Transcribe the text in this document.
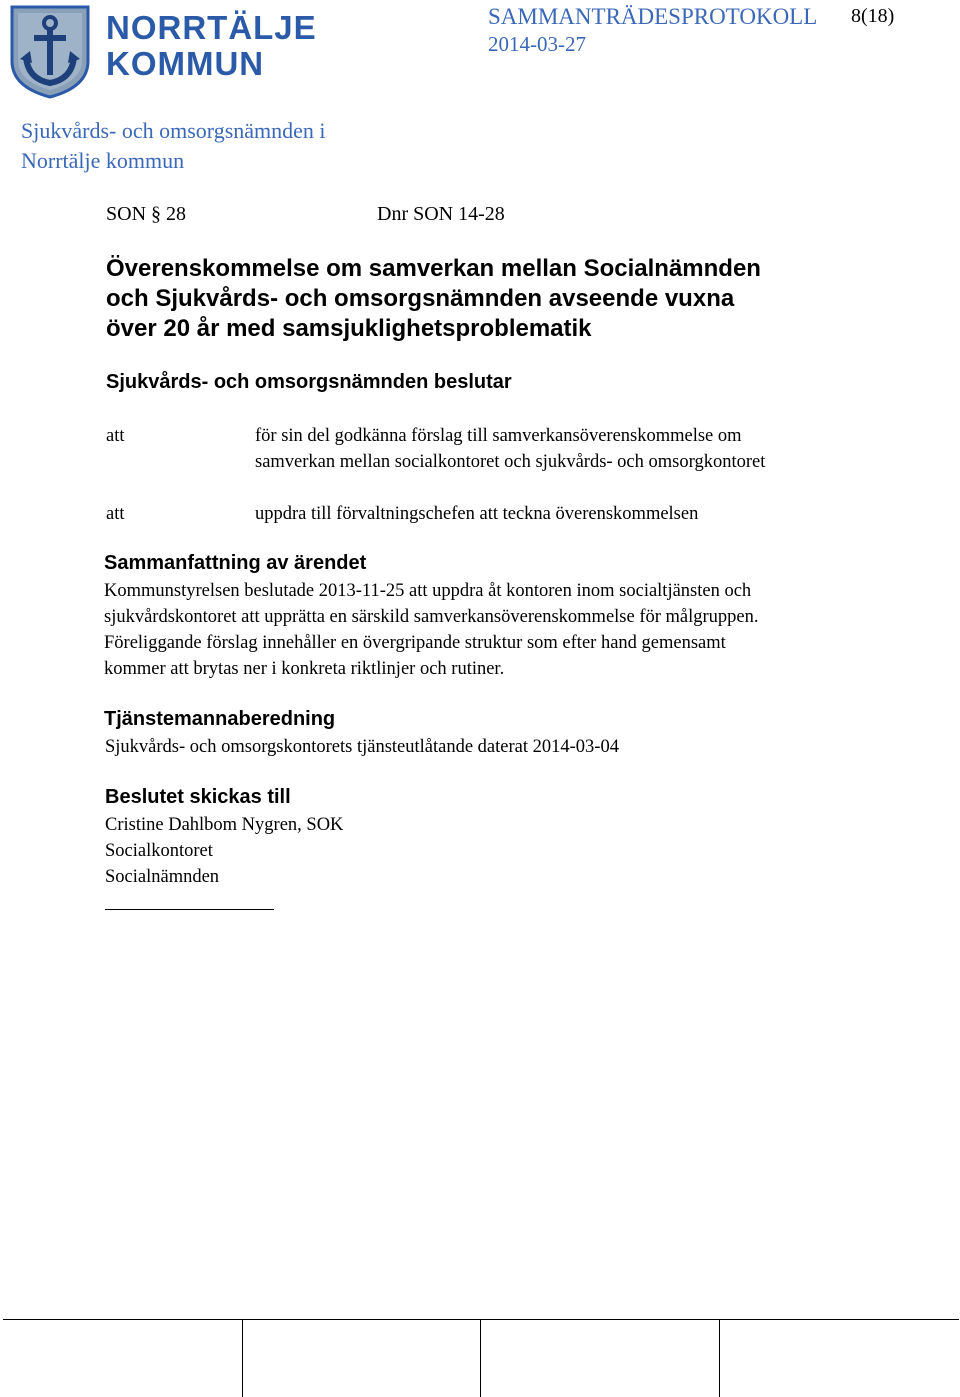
NORRTÄLJE
KOMMUN
SAMMANTRÄDESPROTOKOLL 8(18)
2014-03-27
Sjukvårds- och omsorgsnämnden i
Norrtälje kommun
SON § 28	Dnr SON 14-28
Överenskommelse om samverkan mellan Socialnämnden
och Sjukvårds- och omsorgsnämnden avseende vuxna
över 20 år med samsjuklighetsproblematik
Sjukvårds- och omsorgsnämnden beslutar
att	för sin del godkänna förslag till samverkansöverenskommelse om
samverkan mellan socialkontoret och sjukvårds- och omsorgkontoret
att	uppdra till förvaltningschefen att teckna överenskommelsen
Sammanfattning av ärendet
Kommunstyrelsen beslutade 2013-11-25 att uppdra åt kontoren inom socialtjänsten och
sjukvårdskontoret att upprätta en särskild samverkansöverenskommelse för målgruppen.
Föreliggande förslag innehåller en övergripande struktur som efter hand gemensamt
kommer att brytas ner i konkreta riktlinjer och rutiner.
Tjänstemannaberedning
Sjukvårds- och omsorgskontorets tjänsteutlåtande daterat 2014-03-04
Beslutet skickas till
Cristine Dahlbom Nygren, SOK
Socialkontoret
Socialnämnden
